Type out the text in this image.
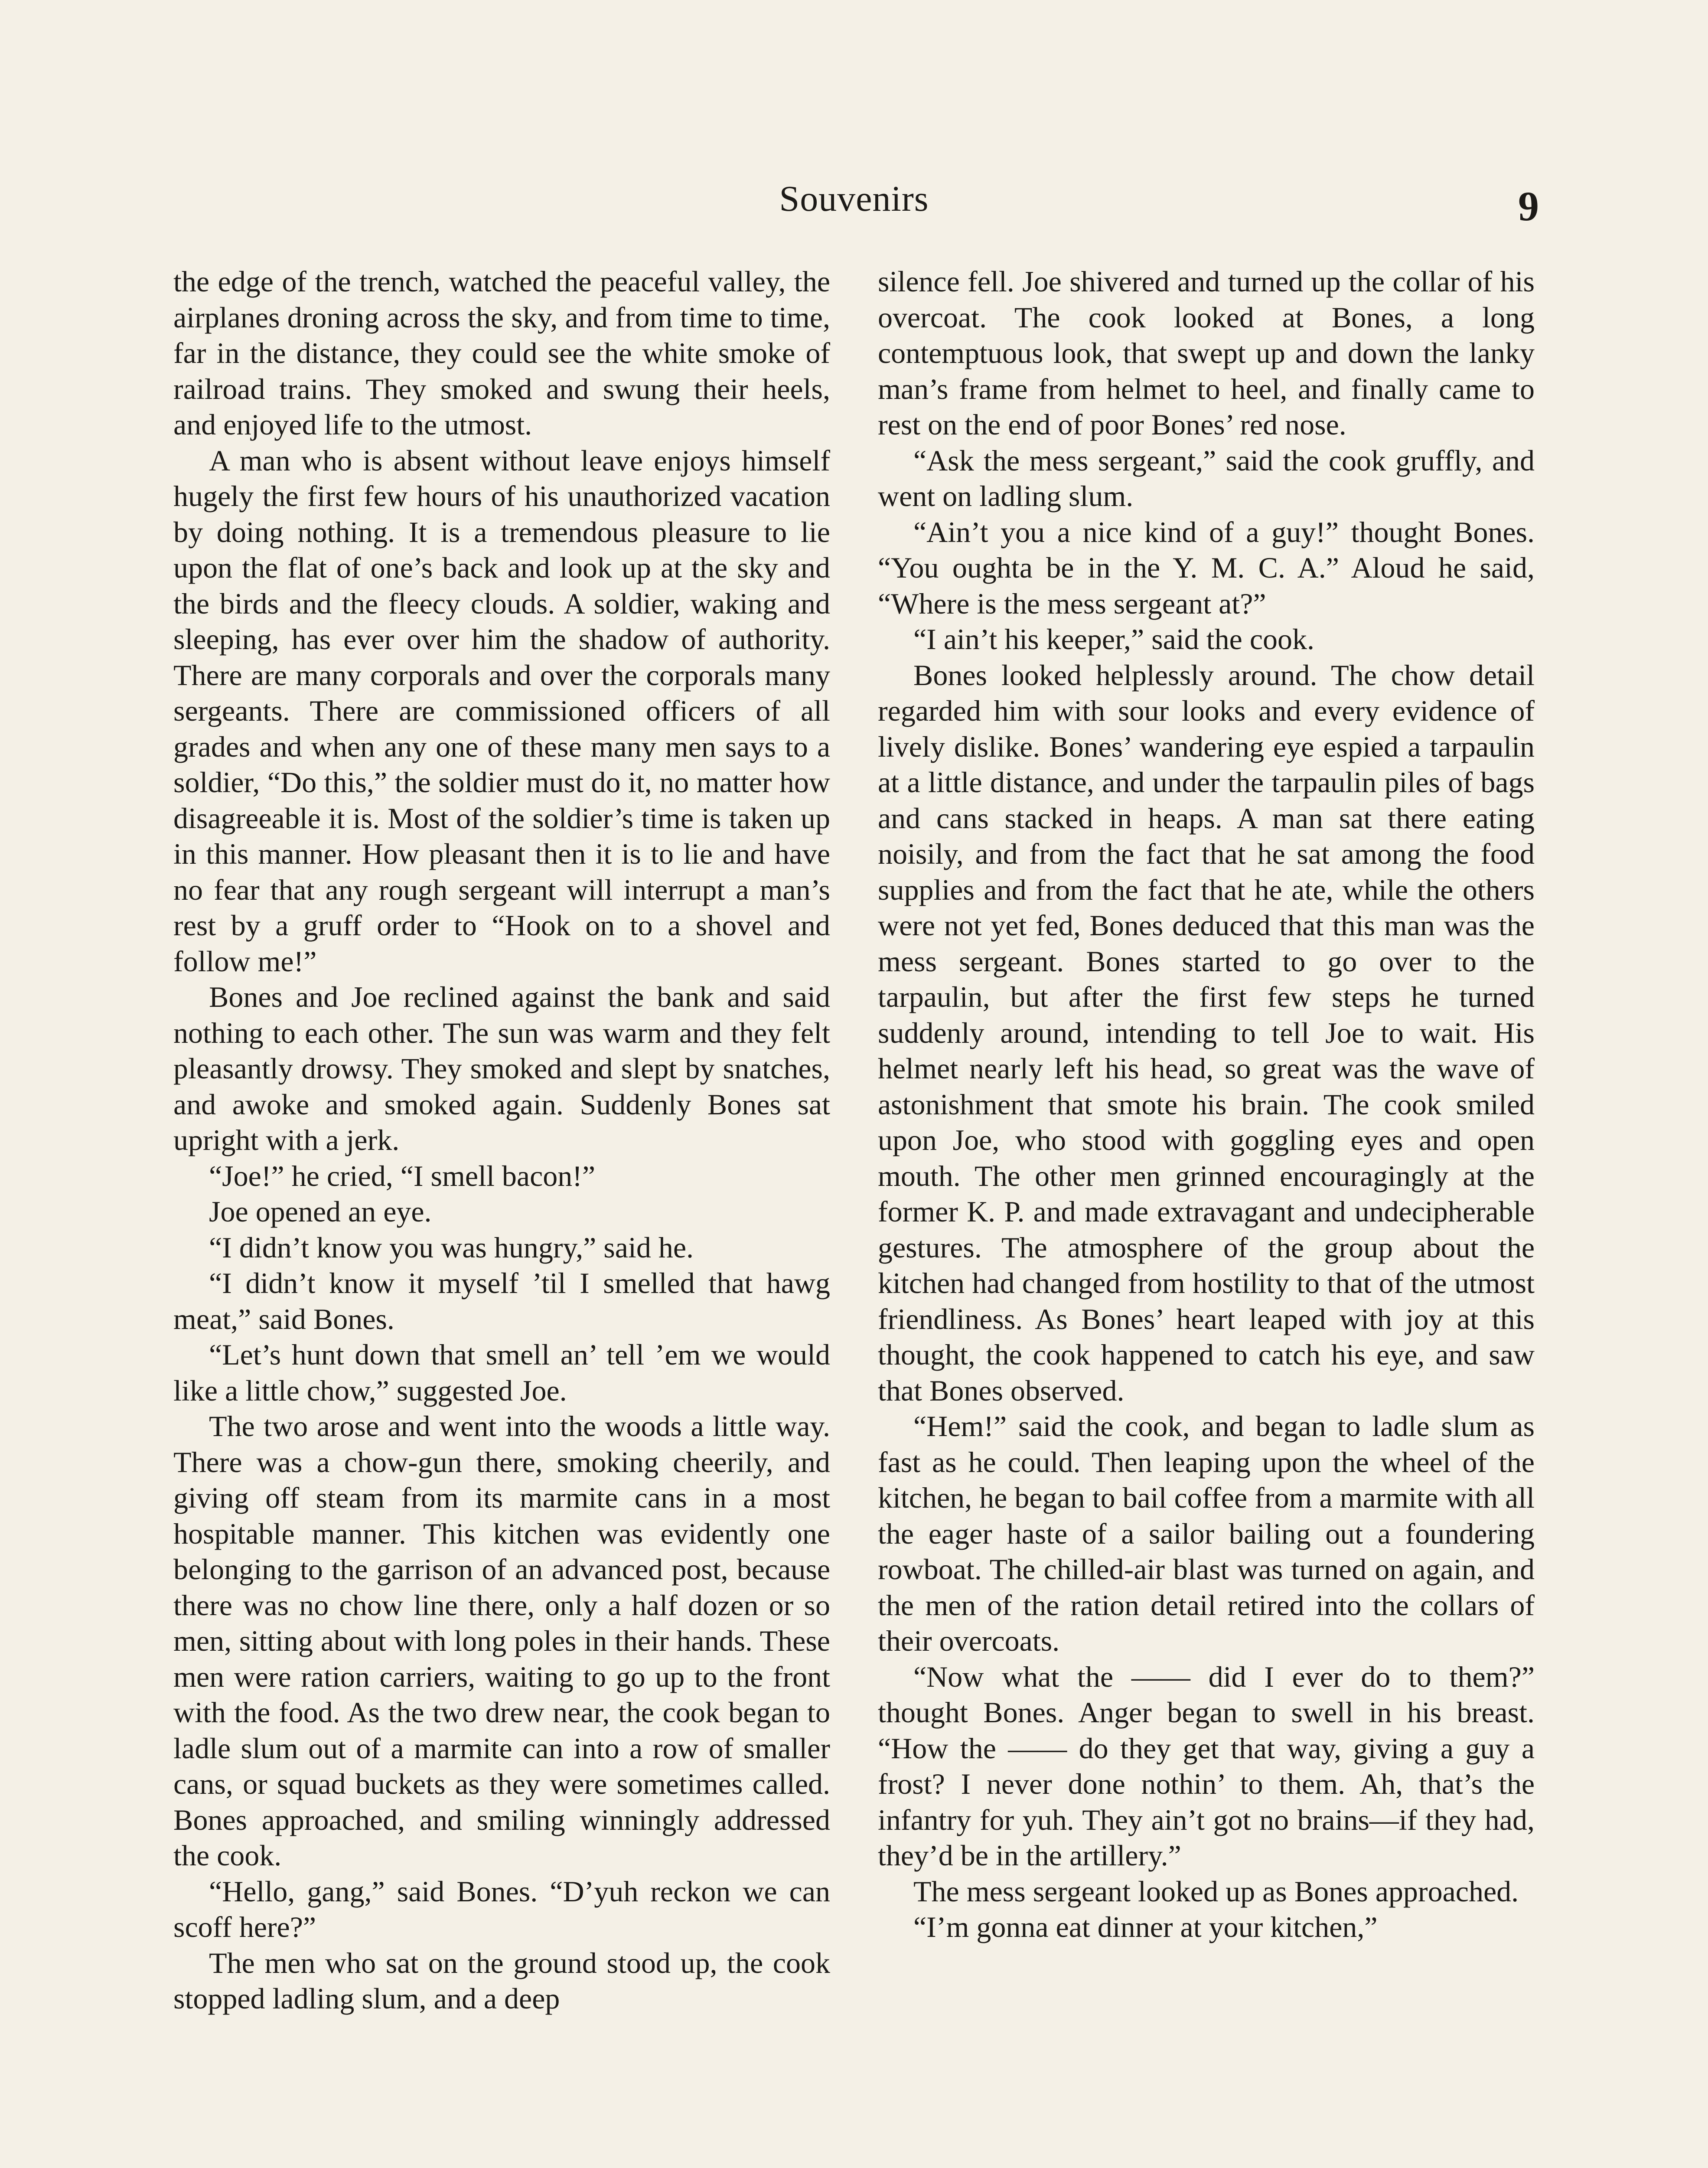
Souvenirs	9

the edge of the trench, watched the peaceful valley, the airplanes droning across the sky, and from time to time, far in the distance, they could see the white smoke of railroad trains. They smoked and swung their heels, and enjoyed life to the utmost.

A man who is absent without leave enjoys himself hugely the first few hours of his unauthorized vacation by doing nothing. It is a tremendous pleasure to lie upon the flat of one’s back and look up at the sky and the birds and the fleecy clouds. A soldier, waking and sleeping, has ever over him the shadow of authority. There are many corporals and over the corporals many sergeants. There are commissioned officers of all grades and when any one of these many men says to a soldier, “Do this,” the soldier must do it, no matter how disagreeable it is. Most of the soldier’s time is taken up in this manner. How pleasant then it is to lie and have no fear that any rough sergeant will interrupt a man’s rest by a gruff order to “Hook on to a shovel and follow me!”

Bones and Joe reclined against the bank and said nothing to each other. The sun was warm and they felt pleasantly drowsy. They smoked and slept by snatches, and awoke and smoked again. Suddenly Bones sat upright with a jerk.

“Joe!” he cried, “I smell bacon!”

Joe opened an eye.

“I didn’t know you was hungry,” said he.

“I didn’t know it myself ’til I smelled that hawg meat,” said Bones.

“Let’s hunt down that smell an’ tell ’em we would like a little chow,” suggested Joe.

The two arose and went into the woods a little way. There was a chow-gun there, smoking cheerily, and giving off steam from its marmite cans in a most hospitable manner. This kitchen was evidently one belonging to the garrison of an advanced post, because there was no chow line there, only a half dozen or so men, sitting about with long poles in their hands. These men were ration carriers, waiting to go up to the front with the food. As the two drew near, the cook began to ladle slum out of a marmite can into a row of smaller cans, or squad buckets as they were sometimes called. Bones approached, and smiling winningly addressed the cook.

“Hello, gang,” said Bones. “D’yuh reckon we can scoff here?”

The men who sat on the ground stood up, the cook stopped ladling slum, and a deep

silence fell. Joe shivered and turned up the collar of his overcoat. The cook looked at Bones, a long contemptuous look, that swept up and down the lanky man’s frame from helmet to heel, and finally came to rest on the end of poor Bones’ red nose.

“Ask the mess sergeant,” said the cook gruffly, and went on ladling slum.

“Ain’t you a nice kind of a guy!” thought Bones. “You oughta be in the Y. M. C. A.” Aloud he said, “Where is the mess sergeant at?”

“I ain’t his keeper,” said the cook.

Bones looked helplessly around. The chow detail regarded him with sour looks and every evidence of lively dislike. Bones’ wandering eye espied a tarpaulin at a little distance, and under the tarpaulin piles of bags and cans stacked in heaps. A man sat there eating noisily, and from the fact that he sat among the food supplies and from the fact that he ate, while the others were not yet fed, Bones deduced that this man was the mess sergeant. Bones started to go over to the tarpaulin, but after the first few steps he turned suddenly around, intending to tell Joe to wait. His helmet nearly left his head, so great was the wave of astonishment that smote his brain. The cook smiled upon Joe, who stood with goggling eyes and open mouth. The other men grinned encouragingly at the former K. P. and made extravagant and undecipherable gestures. The atmosphere of the group about the kitchen had changed from hostility to that of the utmost friendliness. As Bones’ heart leaped with joy at this thought, the cook happened to catch his eye, and saw that Bones observed.

“Hem!” said the cook, and began to ladle slum as fast as he could. Then leaping upon the wheel of the kitchen, he began to bail coffee from a marmite with all the eager haste of a sailor bailing out a foundering rowboat. The chilled-air blast was turned on again, and the men of the ration detail retired into the collars of their overcoats.

“Now what the —— did I ever do to them?” thought Bones. Anger began to swell in his breast. “How the —— do they get that way, giving a guy a frost? I never done nothin’ to them. Ah, that’s the infantry for yuh. They ain’t got no brains—if they had, they’d be in the artillery.”

The mess sergeant looked up as Bones approached.

“I’m gonna eat dinner at your kitchen,”
